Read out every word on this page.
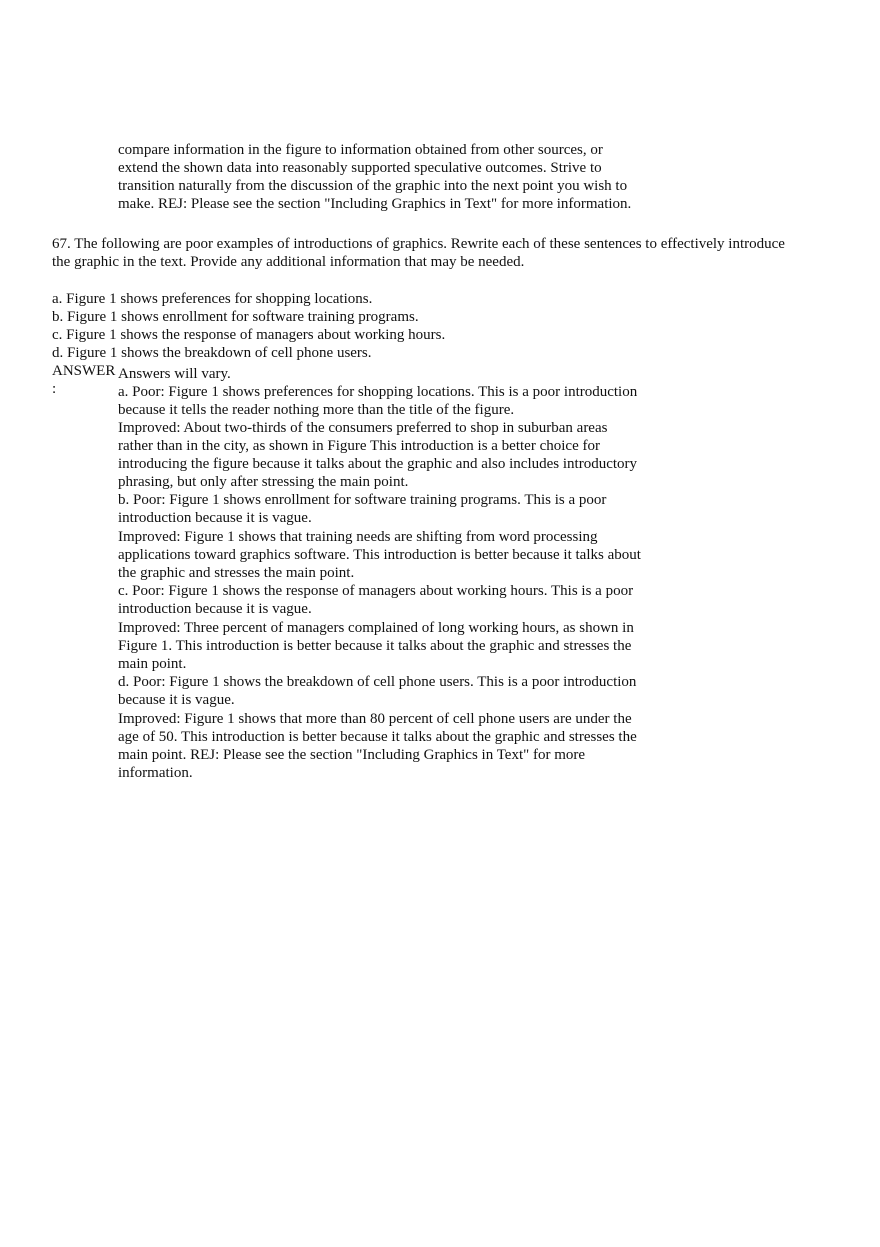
compare information in the figure to information obtained from other sources, or
extend the shown data into reasonably supported speculative outcomes. Strive to
transition naturally from the discussion of the graphic into the next point you wish to
make. REJ: Please see the section "Including Graphics in Text" for more information.
67. The following are poor examples of introductions of graphics. Rewrite each of these sentences to effectively introduce
the graphic in the text. Provide any additional information that may be needed.
a. Figure 1 shows preferences for shopping locations.
b. Figure 1 shows enrollment for software training programs.
c. Figure 1 shows the response of managers about working hours.
d. Figure 1 shows the breakdown of cell phone users.
ANSWER
:
Answers will vary.
a. Poor: Figure 1 shows preferences for shopping locations. This is a poor introduction
because it tells the reader nothing more than the title of the figure.
Improved: About two-thirds of the consumers preferred to shop in suburban areas
rather than in the city, as shown in Figure This introduction is a better choice for
introducing the figure because it talks about the graphic and also includes introductory
phrasing, but only after stressing the main point.
b. Poor: Figure 1 shows enrollment for software training programs. This is a poor
introduction because it is vague.
Improved: Figure 1 shows that training needs are shifting from word processing
applications toward graphics software. This introduction is better because it talks about
the graphic and stresses the main point.
c. Poor: Figure 1 shows the response of managers about working hours. This is a poor
introduction because it is vague.
Improved: Three percent of managers complained of long working hours, as shown in
Figure 1. This introduction is better because it talks about the graphic and stresses the
main point.
d. Poor: Figure 1 shows the breakdown of cell phone users. This is a poor introduction
because it is vague.
Improved: Figure 1 shows that more than 80 percent of cell phone users are under the
age of 50. This introduction is better because it talks about the graphic and stresses the
main point. REJ: Please see the section "Including Graphics in Text" for more
information.
